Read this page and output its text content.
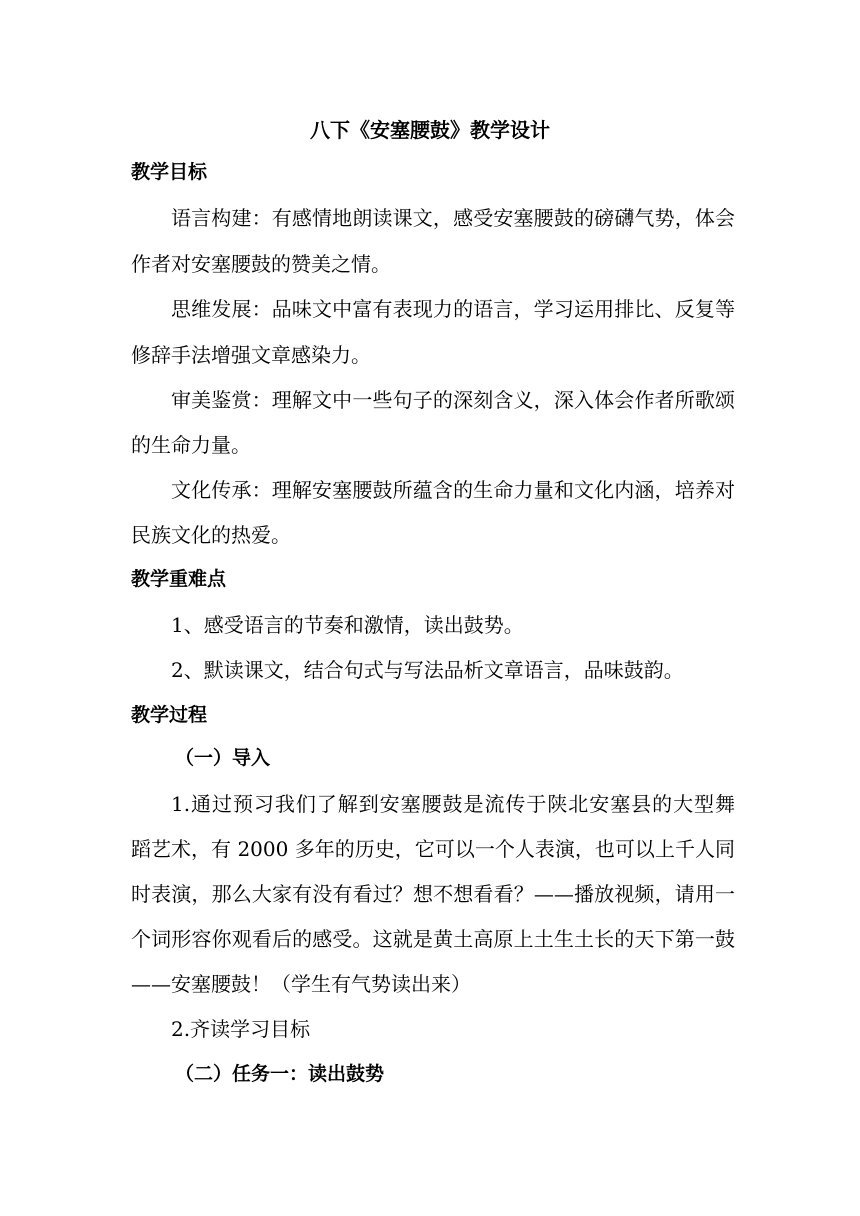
八下《安塞腰鼓》教学设计
教学目标
语言构建：有感情地朗读课文，感受安塞腰鼓的磅礴气势，体会
作者对安塞腰鼓的赞美之情。
思维发展：品味文中富有表现力的语言，学习运用排比、反复等
修辞手法增强文章感染力。
审美鉴赏：理解文中一些句子的深刻含义，深入体会作者所歌颂
的生命力量。
文化传承：理解安塞腰鼓所蕴含的生命力量和文化内涵，培养对
民族文化的热爱。
教学重难点
1、感受语言的节奏和激情，读出鼓势。
2、默读课文，结合句式与写法品析文章语言，品味鼓韵。
教学过程
（一）导入
1.通过预习我们了解到安塞腰鼓是流传于陕北安塞县的大型舞
蹈艺术，有 2000 多年的历史，它可以一个人表演，也可以上千人同
时表演，那么大家有没有看过？想不想看看？——播放视频，请用一
个词形容你观看后的感受。这就是黄土高原上土生土长的天下第一鼓
——安塞腰鼓！（学生有气势读出来）
2.齐读学习目标
（二）任务一：读出鼓势
